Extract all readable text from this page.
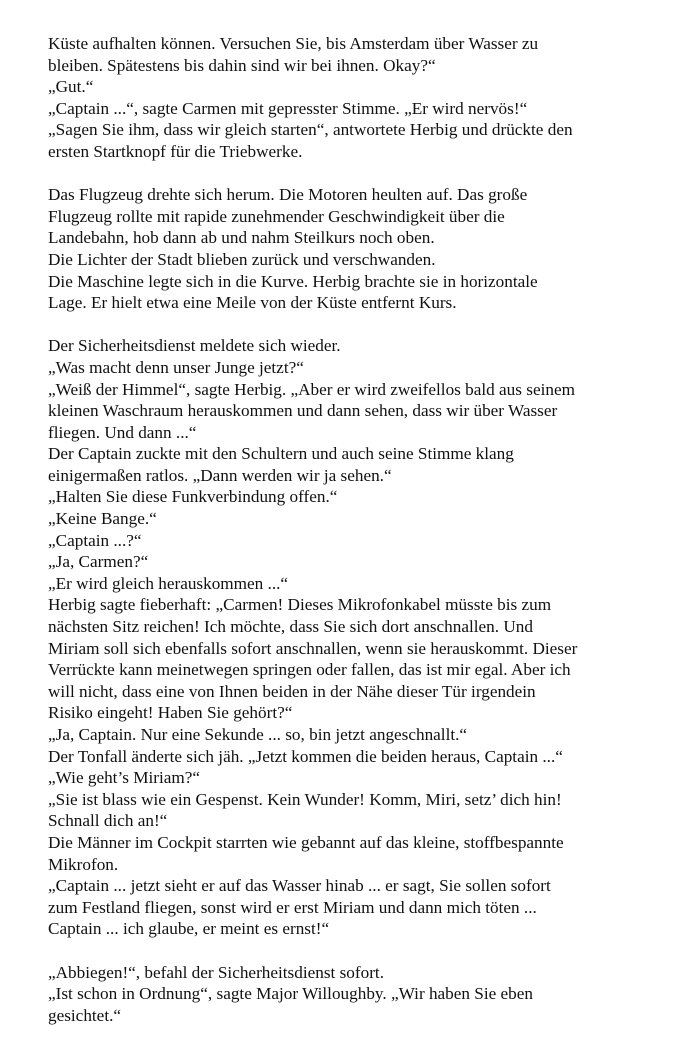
Küste aufhalten können. Versuchen Sie, bis Amsterdam über Wasser zu
bleiben. Spätestens bis dahin sind wir bei ihnen. Okay?“
„Gut.“
„Captain ...“, sagte Carmen mit gepresster Stimme. „Er wird nervös!“
„Sagen Sie ihm, dass wir gleich starten“, antwortete Herbig und drückte den
ersten Startknopf für die Triebwerke.
Das Flugzeug drehte sich herum. Die Motoren heulten auf. Das große
Flugzeug rollte mit rapide zunehmender Geschwindigkeit über die
Landebahn, hob dann ab und nahm Steilkurs noch oben.
Die Lichter der Stadt blieben zurück und verschwanden.
Die Maschine legte sich in die Kurve. Herbig brachte sie in horizontale
Lage. Er hielt etwa eine Meile von der Küste entfernt Kurs.
Der Sicherheitsdienst meldete sich wieder.
„Was macht denn unser Junge jetzt?“
„Weiß der Himmel“, sagte Herbig. „Aber er wird zweifellos bald aus seinem
kleinen Waschraum herauskommen und dann sehen, dass wir über Wasser
fliegen. Und dann ...“
Der Captain zuckte mit den Schultern und auch seine Stimme klang
einigermaßen ratlos. „Dann werden wir ja sehen.“
„Halten Sie diese Funkverbindung offen.“
„Keine Bange.“
„Captain ...?“
„Ja, Carmen?“
„Er wird gleich herauskommen ...“
Herbig sagte fieberhaft: „Carmen! Dieses Mikrofonkabel müsste bis zum
nächsten Sitz reichen! Ich möchte, dass Sie sich dort anschnallen. Und
Miriam soll sich ebenfalls sofort anschnallen, wenn sie herauskommt. Dieser
Verrückte kann meinetwegen springen oder fallen, das ist mir egal. Aber ich
will nicht, dass eine von Ihnen beiden in der Nähe dieser Tür irgendein
Risiko eingeht! Haben Sie gehört?“
„Ja, Captain. Nur eine Sekunde ... so, bin jetzt angeschnallt.“
Der Tonfall änderte sich jäh. „Jetzt kommen die beiden heraus, Captain ...“
„Wie geht’s Miriam?“
„Sie ist blass wie ein Gespenst. Kein Wunder! Komm, Miri, setz’ dich hin!
Schnall dich an!“
Die Männer im Cockpit starrten wie gebannt auf das kleine, stoffbespannte
Mikrofon.
„Captain ... jetzt sieht er auf das Wasser hinab ... er sagt, Sie sollen sofort
zum Festland fliegen, sonst wird er erst Miriam und dann mich töten ...
Captain ... ich glaube, er meint es ernst!“
„Abbiegen!“, befahl der Sicherheitsdienst sofort.
„Ist schon in Ordnung“, sagte Major Willoughby. „Wir haben Sie eben
gesichtet.“
